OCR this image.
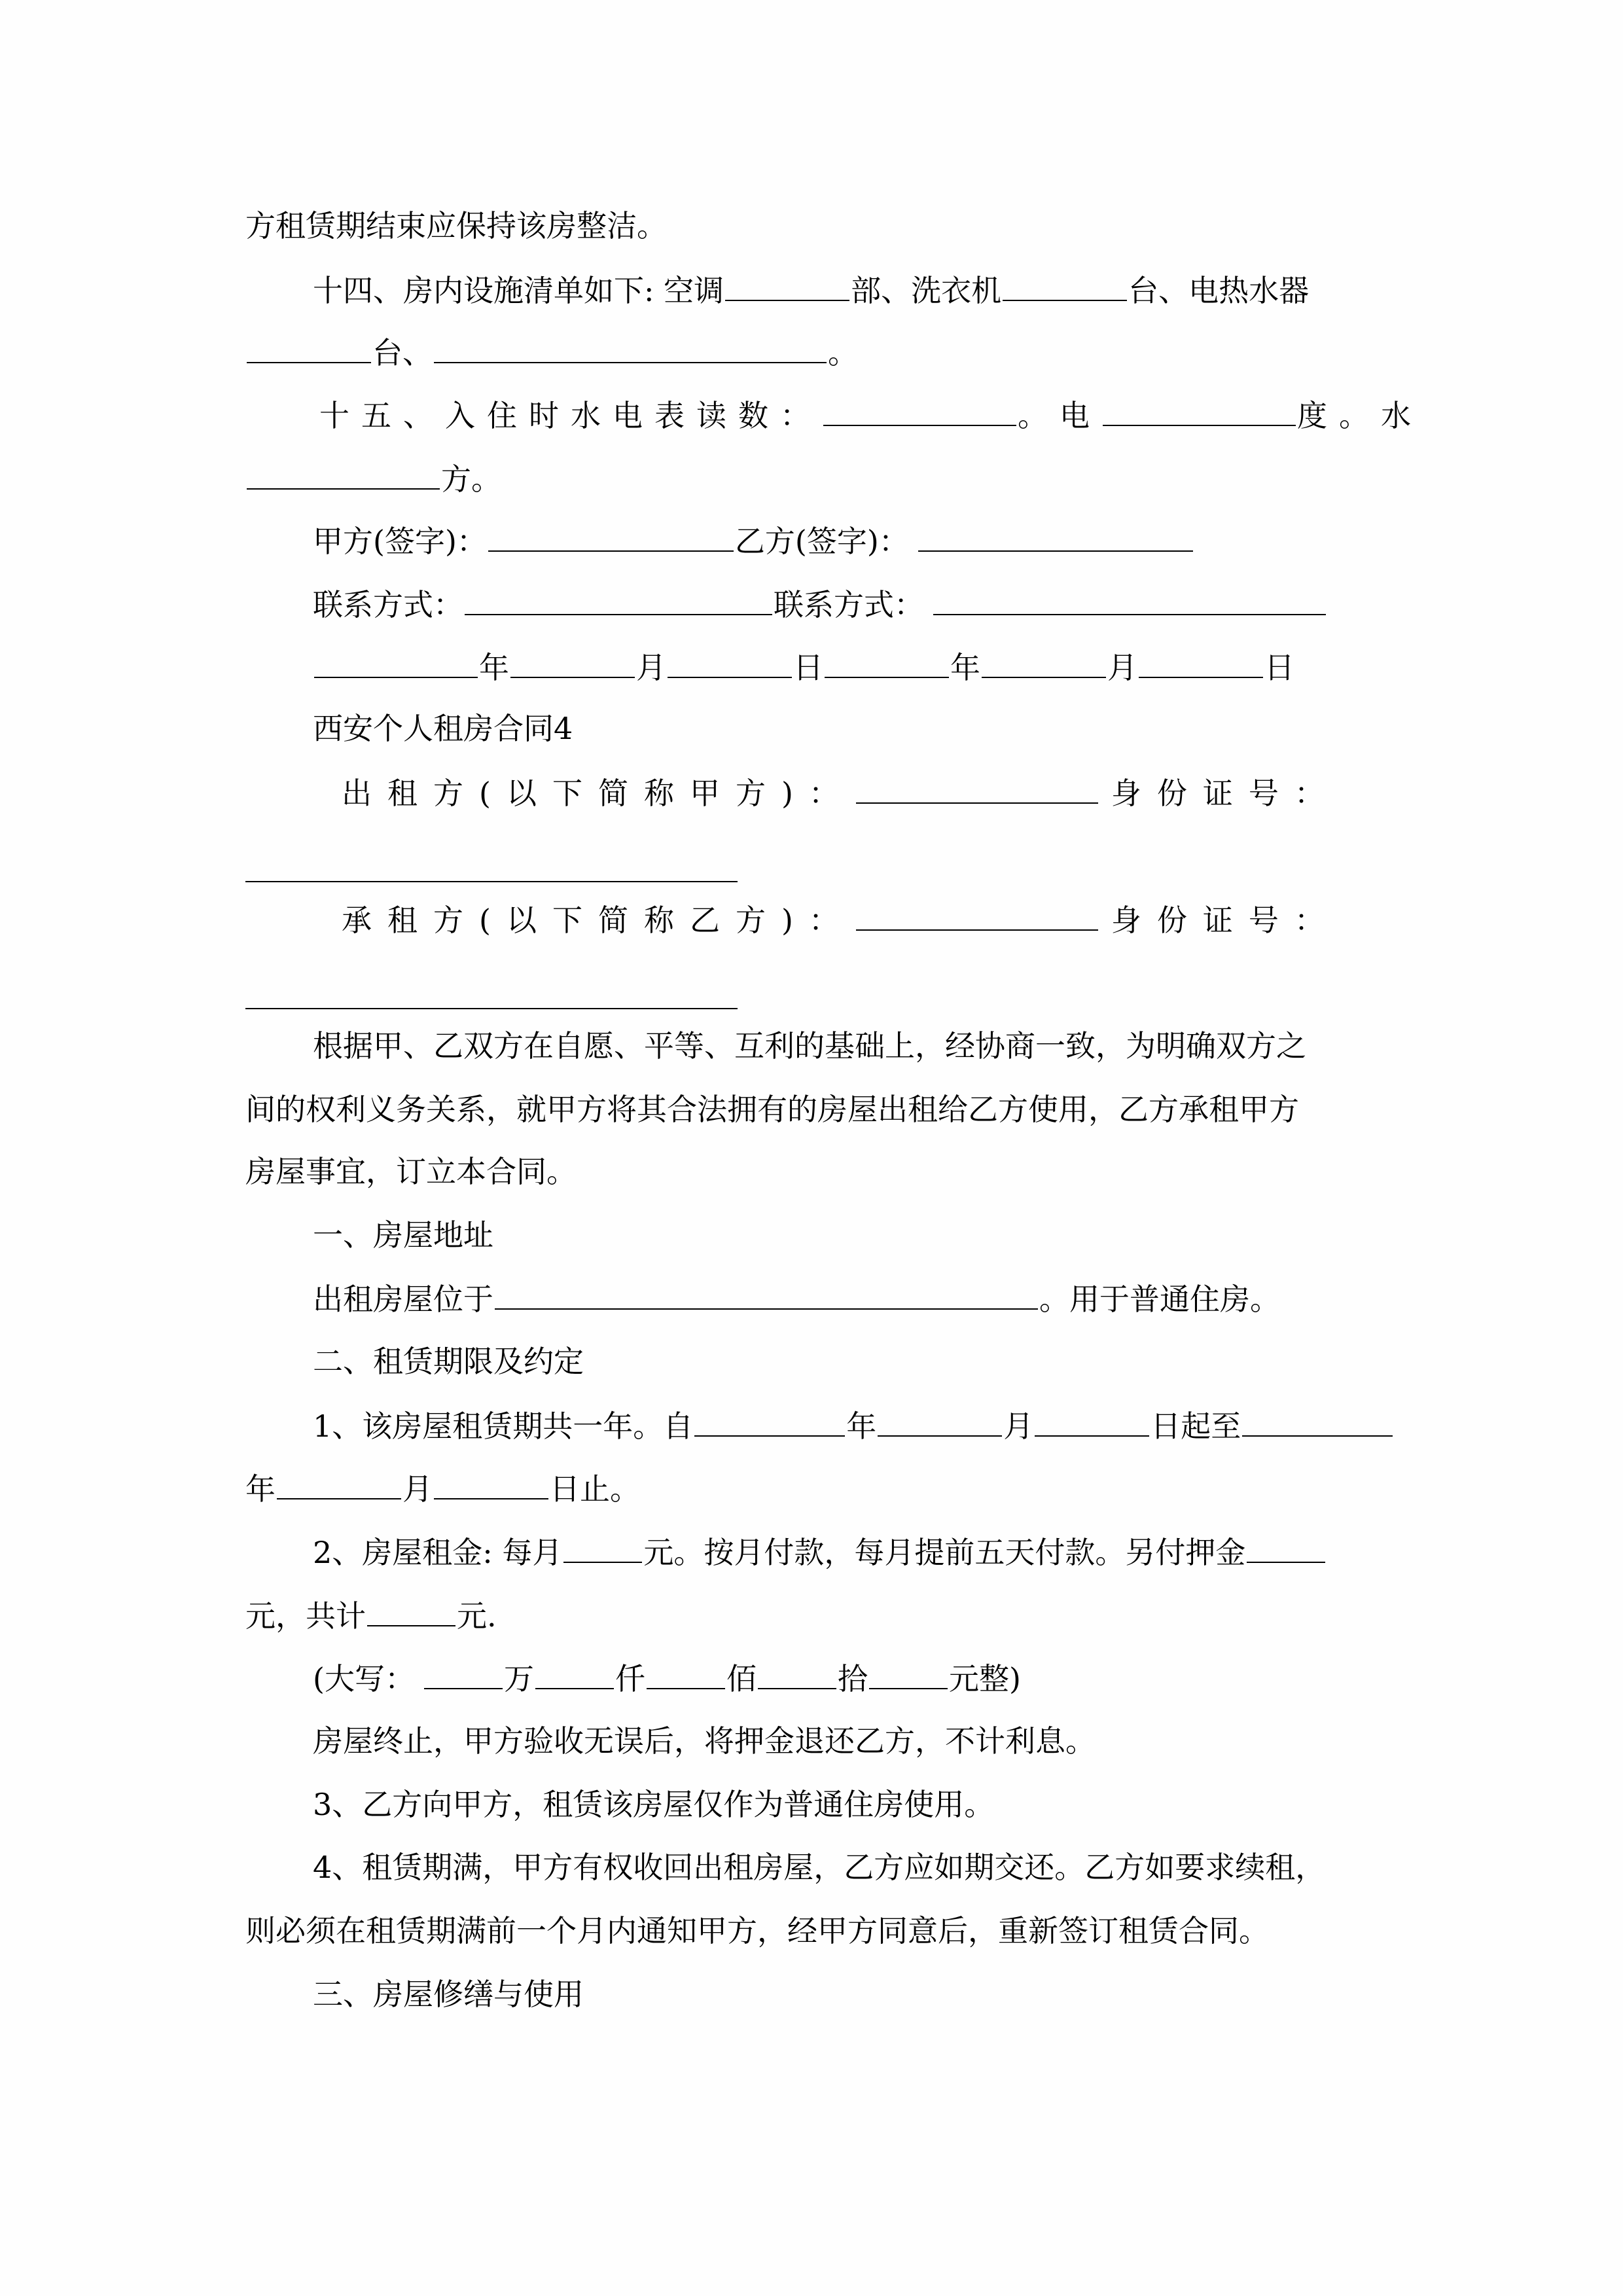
方租赁期结束应保持该房整洁。
十四、房内设施清单如下: 空调	部、洗衣机	台、电热水器
台、	。
十五、入住时水电表读数：	。电	度。水
方。
甲方(签字)：	乙方(签字)：
联系方式：	联系方式：
年	月	日	年	月	日
西安个人租房合同4
出租方(以下简称甲方)：	身份证号：
承租方(以下简称乙方)：	身份证号：
根据甲、乙双方在自愿、平等、互利的基础上，经协商一致，为明确双方之
间的权利义务关系，就甲方将其合法拥有的房屋出租给乙方使用，乙方承租甲方
房屋事宜，订立本合同。
一、房屋地址
出租房屋位于	。用于普通住房。
二、租赁期限及约定
1、该房屋租赁期共一年。自	年	月	日起至
年	月	日止。
2、房屋租金: 每月	元。按月付款，每月提前五天付款。另付押金
元，共计	元.
(大写：	万	仟	佰	拾	元整)
房屋终止，甲方验收无误后，将押金退还乙方，不计利息。
3、乙方向甲方，租赁该房屋仅作为普通住房使用。
4、租赁期满，甲方有权收回出租房屋，乙方应如期交还。乙方如要求续租，
则必须在租赁期满前一个月内通知甲方，经甲方同意后，重新签订租赁合同。
三、房屋修缮与使用
